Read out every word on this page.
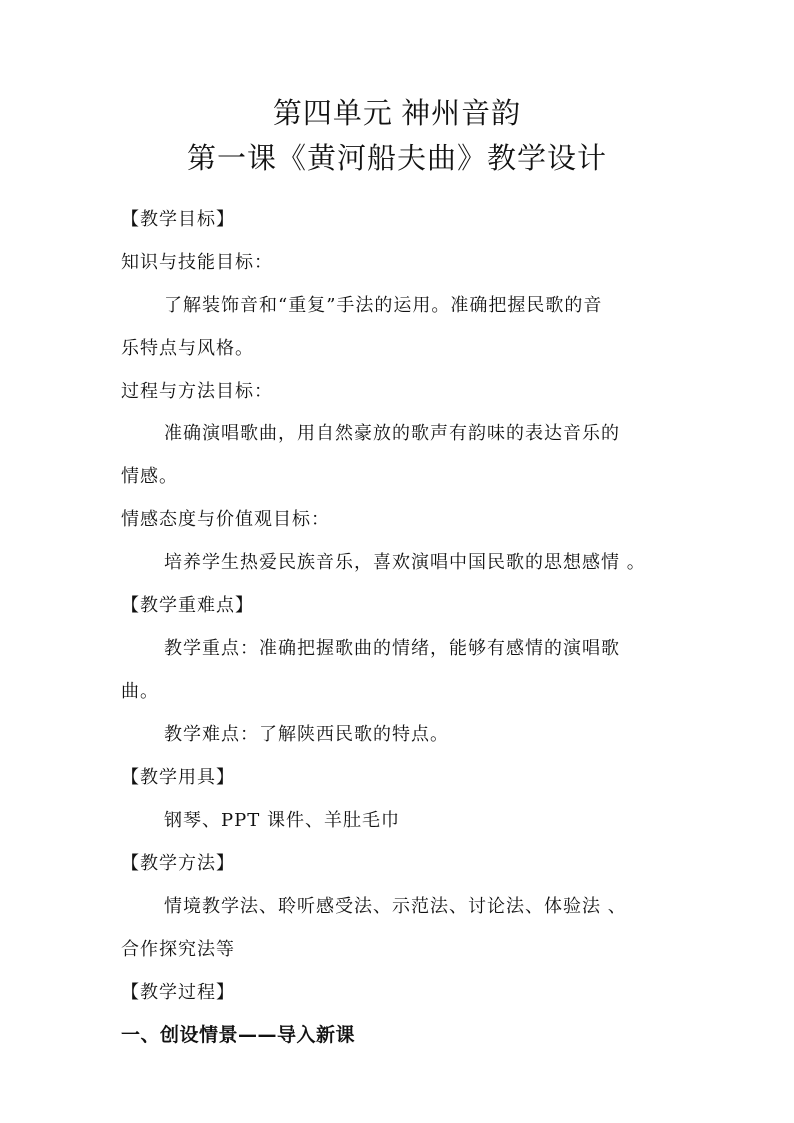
第四单元 神州音韵
第一课《黄河船夫曲》教学设计
【教学目标】
知识与技能目标：
了解装饰音和“重复”手法的运用。准确把握民歌的音
乐特点与风格。
过程与方法目标：
准确演唱歌曲，用自然豪放的歌声有韵味的表达音乐的
情感。
情感态度与价值观目标：
培养学生热爱民族音乐，喜欢演唱中国民歌的思想感情 。
【教学重难点】
教学重点：准确把握歌曲的情绪，能够有感情的演唱歌
曲。
教学难点：了解陕西民歌的特点。
【教学用具】
钢琴、PPT 课件、羊肚毛巾
【教学方法】
情境教学法、聆听感受法、示范法、讨论法、体验法 、
合作探究法等
【教学过程】
一、创设情景——导入新课
